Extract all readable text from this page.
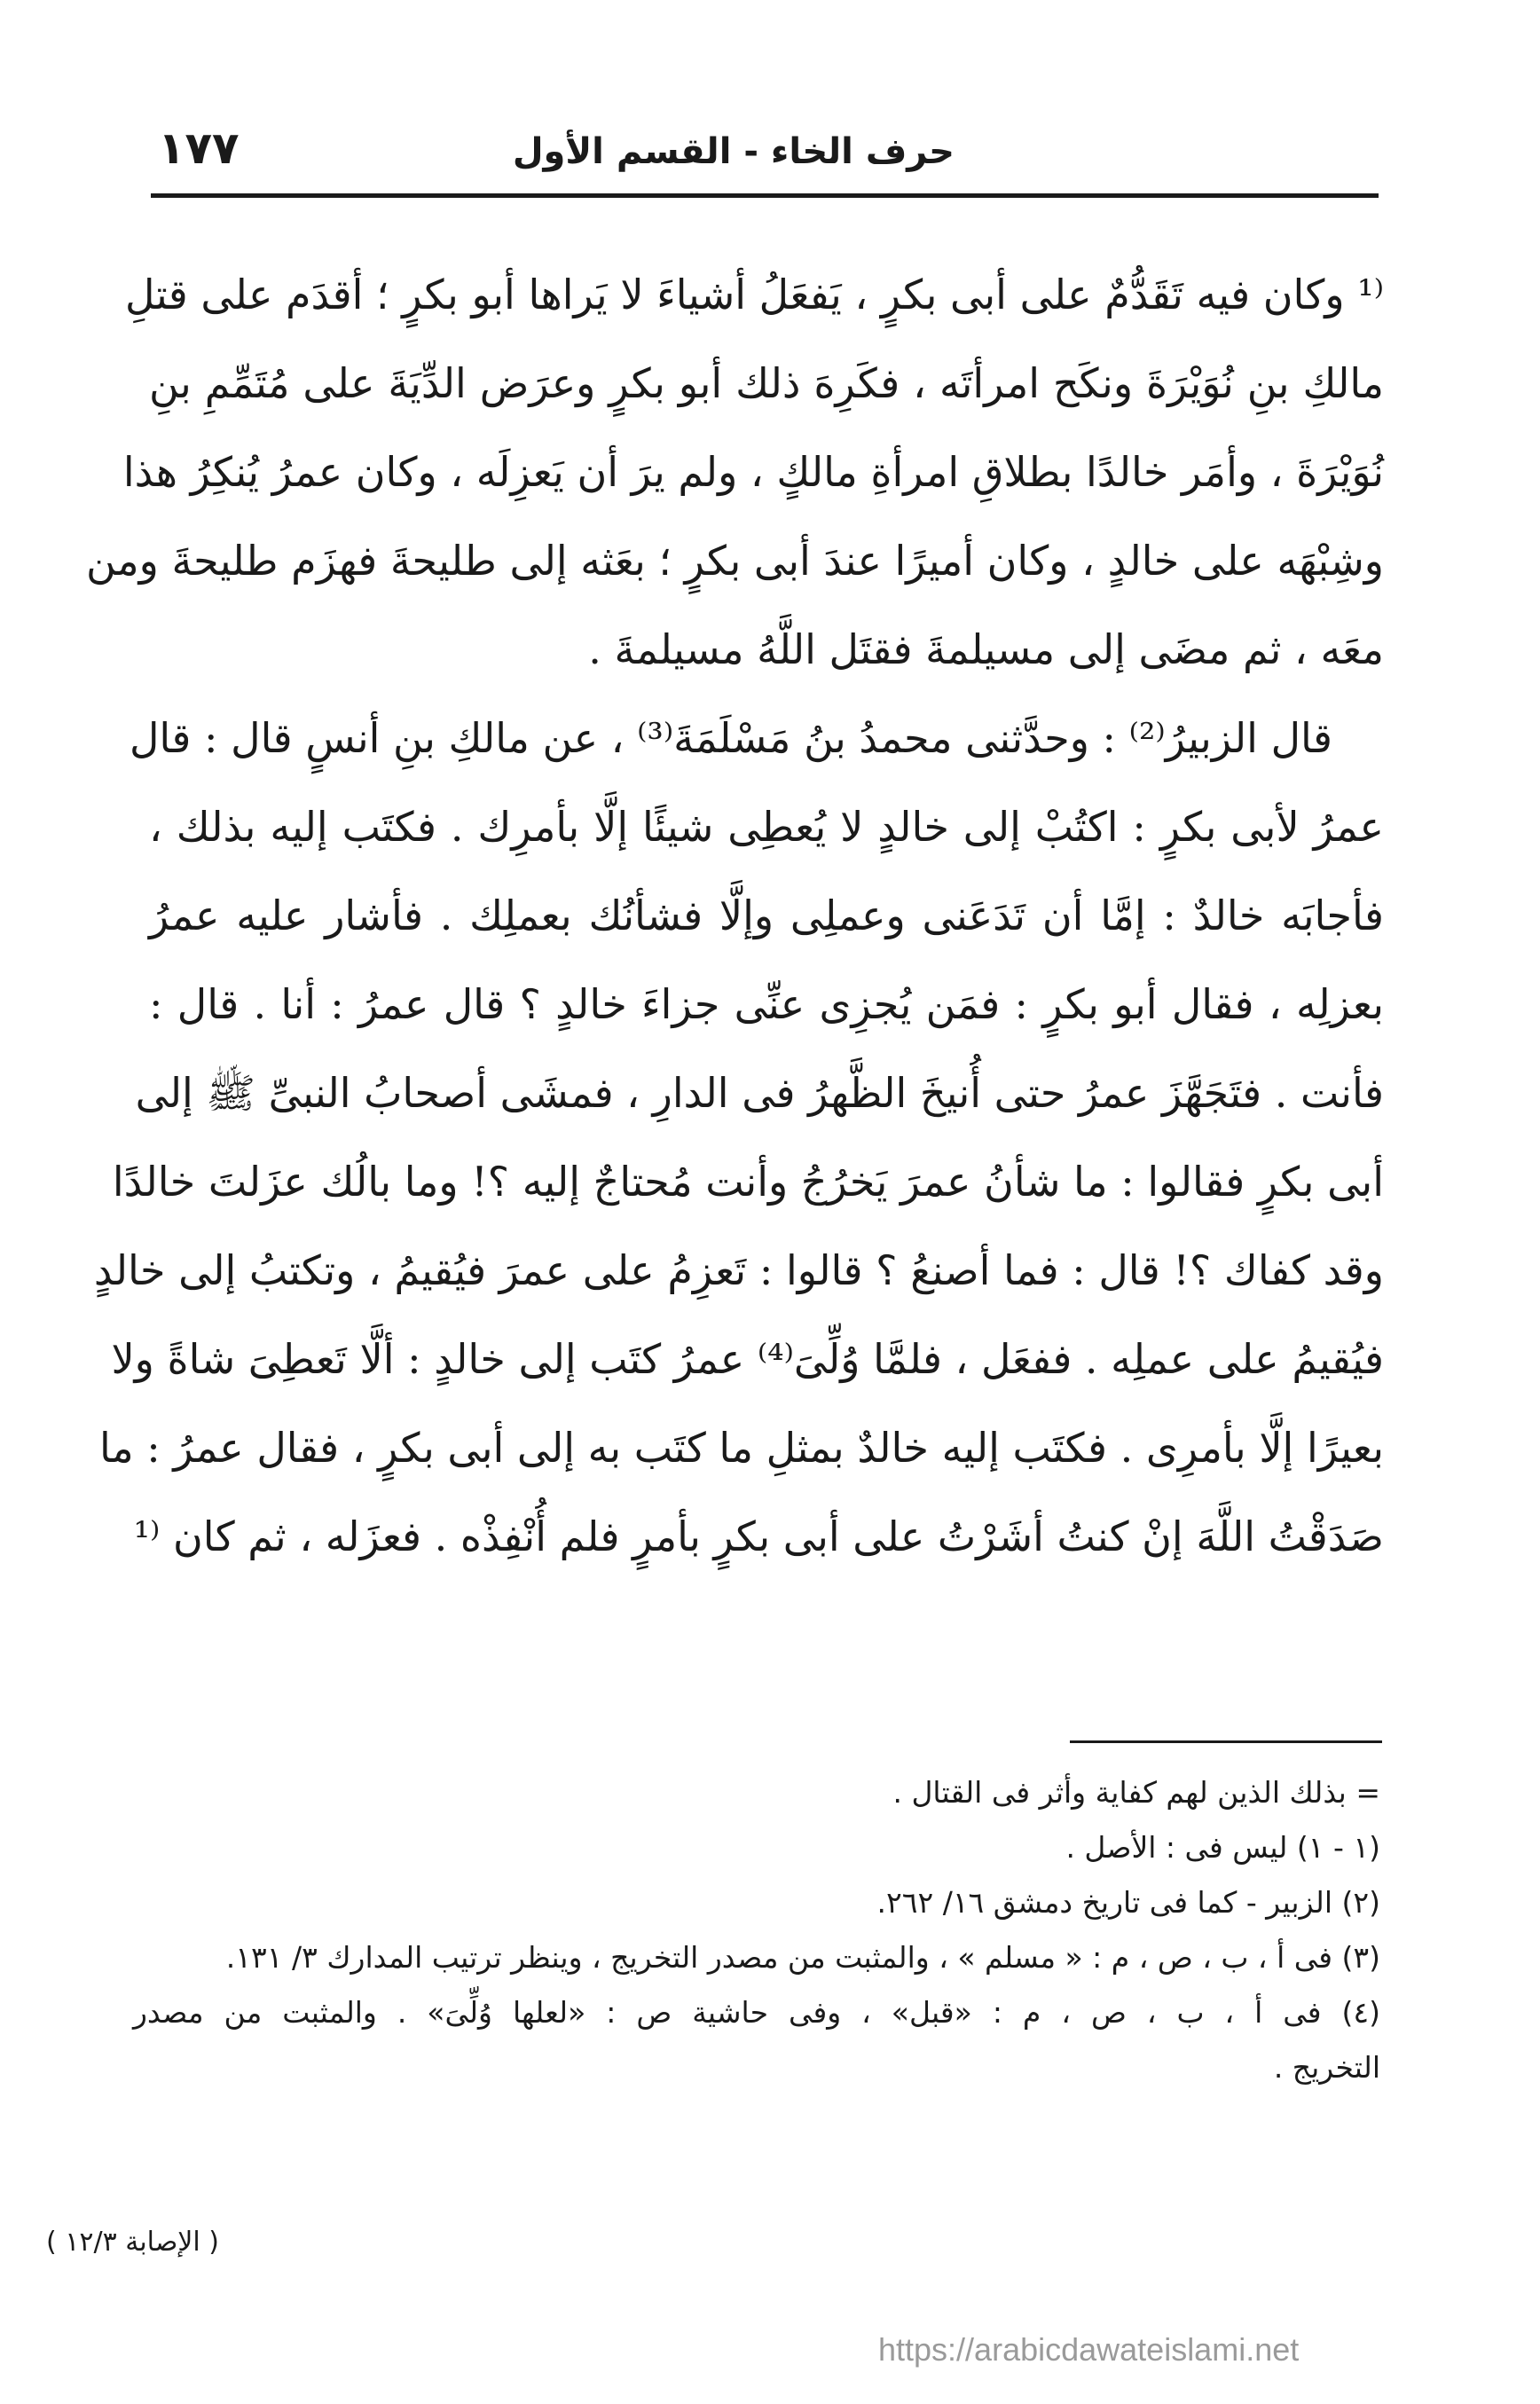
١٧٧	حرف الخاء - القسم الأول
⁽¹ وكان فيه تَقَدُّمٌ على أبى بكرٍ ، يَفعَلُ أشياءَ لا يَراها أبو بكرٍ ؛ أقدَم على قتلِ
مالكِ بنِ نُوَيْرَةَ ونكَح امرأتَه ، فكَرِهَ ذلك أبو بكرٍ وعرَض الدِّيَةَ على مُتَمِّمِ بنِ
نُوَيْرَةَ ، وأمَر خالدًا بطلاقِ امرأةِ مالكٍ ، ولم يرَ أن يَعزِلَه ، وكان عمرُ يُنكِرُ هذا
وشِبْهَه على خالدٍ ، وكان أميرًا عندَ أبى بكرٍ ؛ بعَثه إلى طليحةَ فهزَم طليحةَ ومن
معَه ، ثم مضَى إلى مسيلمةَ فقتَل اللَّهُ مسيلمةَ .
قال الزبيرُ⁽²⁾ : وحدَّثنى محمدُ بنُ مَسْلَمَةَ⁽³⁾ ، عن مالكِ بنِ أنسٍ قال : قال
عمرُ لأبى بكرٍ : اكتُبْ إلى خالدٍ لا يُعطِى شيئًا إلَّا بأمرِك . فكتَب إليه بذلك ،
فأجابَه خالدٌ : إمَّا أن تَدَعَنى وعملِى وإلَّا فشأنُك بعملِك . فأشار عليه عمرُ
بعزلِه ، فقال أبو بكرٍ : فمَن يُجزِى عنِّى جزاءَ خالدٍ ؟ قال عمرُ : أنا . قال :
فأنت . فتَجَهَّزَ عمرُ حتى أُنيخَ الظَّهرُ فى الدارِ ، فمشَى أصحابُ النبىِّ ﷺ إلى
أبى بكرٍ فقالوا : ما شأنُ عمرَ يَخرُجُ وأنت مُحتاجٌ إليه ؟! وما بالُك عزَلتَ خالدًا
وقد كفاك ؟! قال : فما أصنعُ ؟ قالوا : تَعزِمُ على عمرَ فيُقيمُ ، وتكتبُ إلى خالدٍ
فيُقيمُ على عملِه . ففعَل ، فلمَّا وُلِّىَ⁽⁴⁾ عمرُ كتَب إلى خالدٍ : ألَّا تَعطِىَ شاةً ولا
بعيرًا إلَّا بأمرِى . فكتَب إليه خالدٌ بمثلِ ما كتَب به إلى أبى بكرٍ ، فقال عمرُ : ما
صَدَقْتُ اللَّهَ إنْ كنتُ أشَرْتُ على أبى بكرٍ بأمرٍ فلم أُنْفِذْه . فعزَله ، ثم كان ⁽¹
= بذلك الذين لهم كفاية وأثر فى القتال .
(١ - ١) ليس فى : الأصل .
(٢) الزبير - كما فى تاريخ دمشق ١٦/ ٢٦٢.
(٣) فى أ ، ب ، ص ، م : « مسلم » ، والمثبت من مصدر التخريج ، وينظر ترتيب المدارك ٣/ ١٣١.
(٤) فى أ ، ب ، ص ، م : «قبل» ، وفى حاشية ص : «لعلها وُلِّىَ» . والمثبت من مصدر
التخريج .
( الإصابة ١٢/٣ )
https://arabicdawateislami.net
